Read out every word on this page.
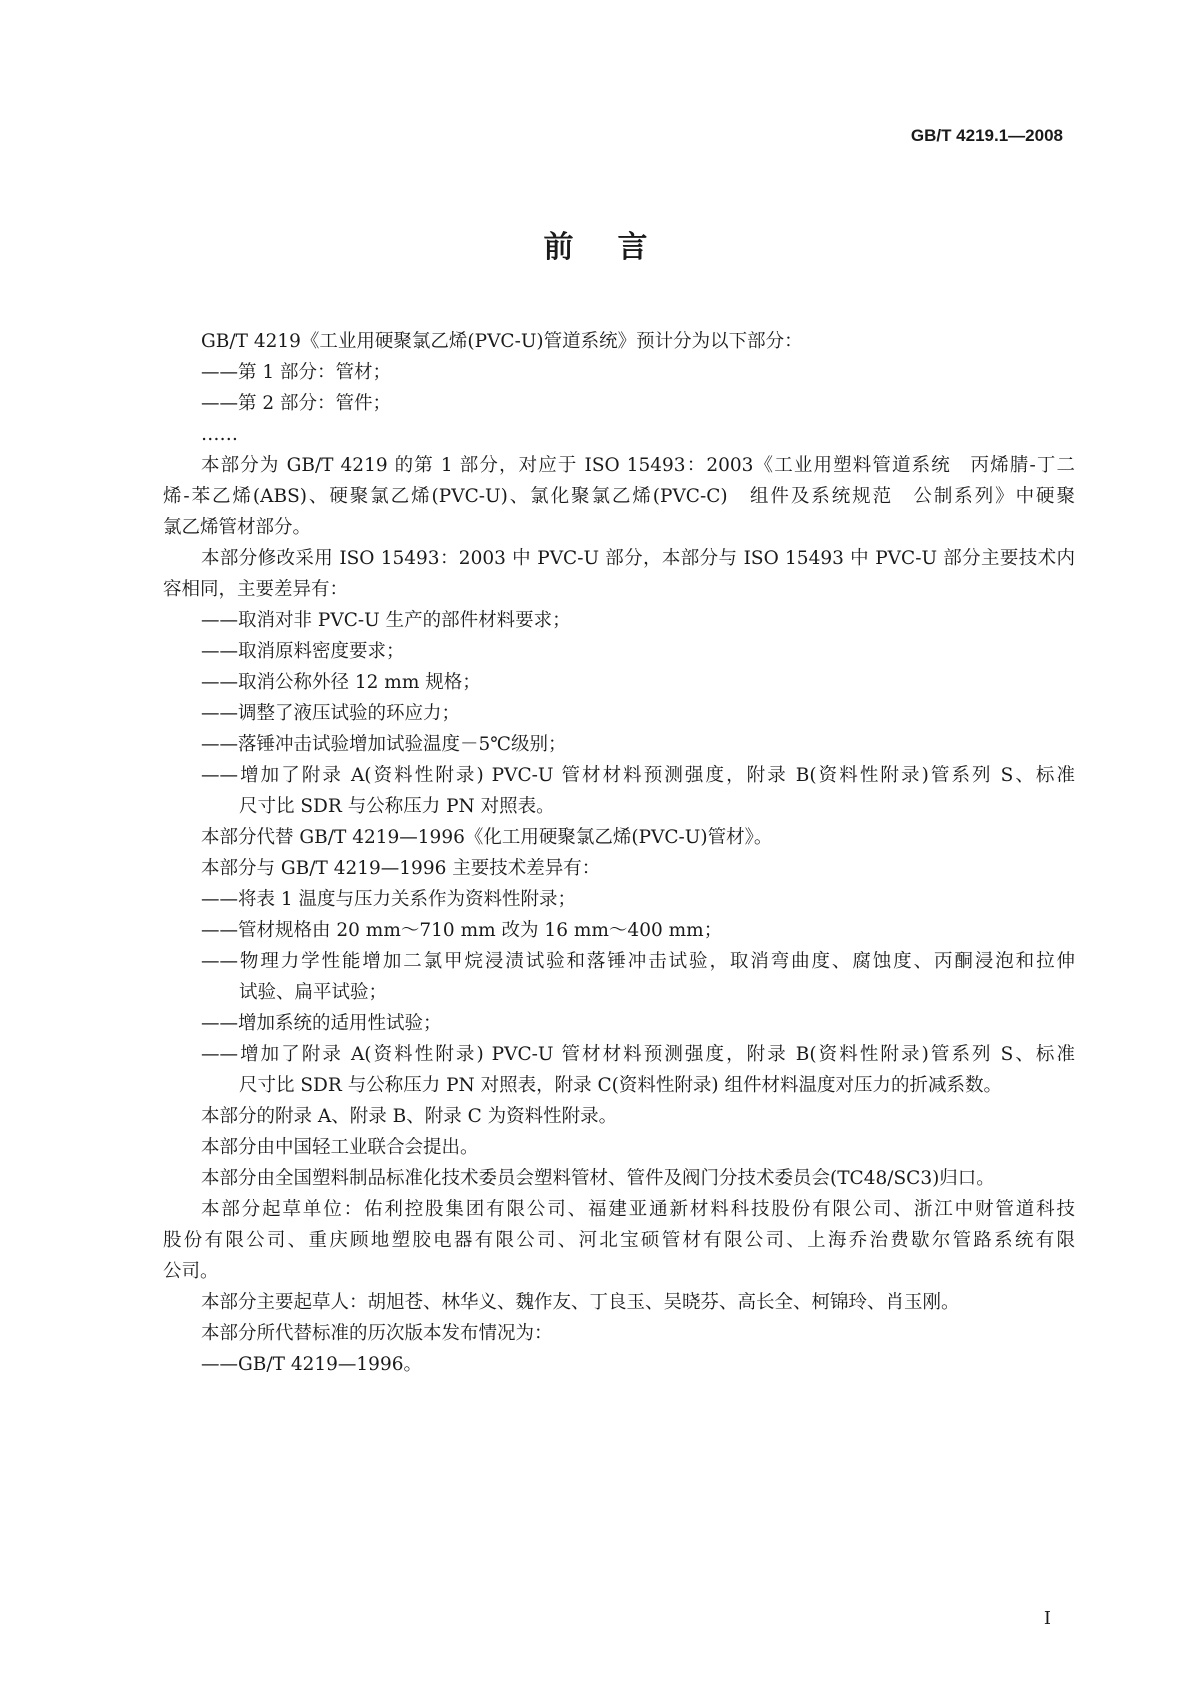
GB/T 4219.1—2008
前言
GB/T 4219《工业用硬聚氯乙烯(PVC-U)管道系统》预计分为以下部分：
——第 1 部分：管材；
——第 2 部分：管件；
……
本部分为 GB/T 4219 的第 1 部分，对应于 ISO 15493：2003《工业用塑料管道系统　丙烯腈-丁二
烯-苯乙烯(ABS)、硬聚氯乙烯(PVC-U)、氯化聚氯乙烯(PVC-C)　组件及系统规范　公制系列》中硬聚
氯乙烯管材部分。
本部分修改采用 ISO 15493：2003 中 PVC-U 部分，本部分与 ISO 15493 中 PVC-U 部分主要技术内
容相同，主要差异有：
——取消对非 PVC-U 生产的部件材料要求；
——取消原料密度要求；
——取消公称外径 12 mm 规格；
——调整了液压试验的环应力；
——落锤冲击试验增加试验温度－5℃级别；
——增加了附录 A(资料性附录) PVC-U 管材材料预测强度，附录 B(资料性附录)管系列 S、标准
尺寸比 SDR 与公称压力 PN 对照表。
本部分代替 GB/T 4219—1996《化工用硬聚氯乙烯(PVC-U)管材》。
本部分与 GB/T 4219—1996 主要技术差异有：
——将表 1 温度与压力关系作为资料性附录；
——管材规格由 20 mm～710 mm 改为 16 mm～400 mm；
——物理力学性能增加二氯甲烷浸渍试验和落锤冲击试验，取消弯曲度、腐蚀度、丙酮浸泡和拉伸
试验、扁平试验；
——增加系统的适用性试验；
——增加了附录 A(资料性附录) PVC-U 管材材料预测强度，附录 B(资料性附录)管系列 S、标准
尺寸比 SDR 与公称压力 PN 对照表，附录 C(资料性附录) 组件材料温度对压力的折减系数。
本部分的附录 A、附录 B、附录 C 为资料性附录。
本部分由中国轻工业联合会提出。
本部分由全国塑料制品标准化技术委员会塑料管材、管件及阀门分技术委员会(TC48/SC3)归口。
本部分起草单位：佑利控股集团有限公司、福建亚通新材料科技股份有限公司、浙江中财管道科技
股份有限公司、重庆顾地塑胶电器有限公司、河北宝硕管材有限公司、上海乔治费歇尔管路系统有限
公司。
本部分主要起草人：胡旭苍、林华义、魏作友、丁良玉、吴晓芬、高长全、柯锦玲、肖玉刚。
本部分所代替标准的历次版本发布情况为：
——GB/T 4219—1996。
I
